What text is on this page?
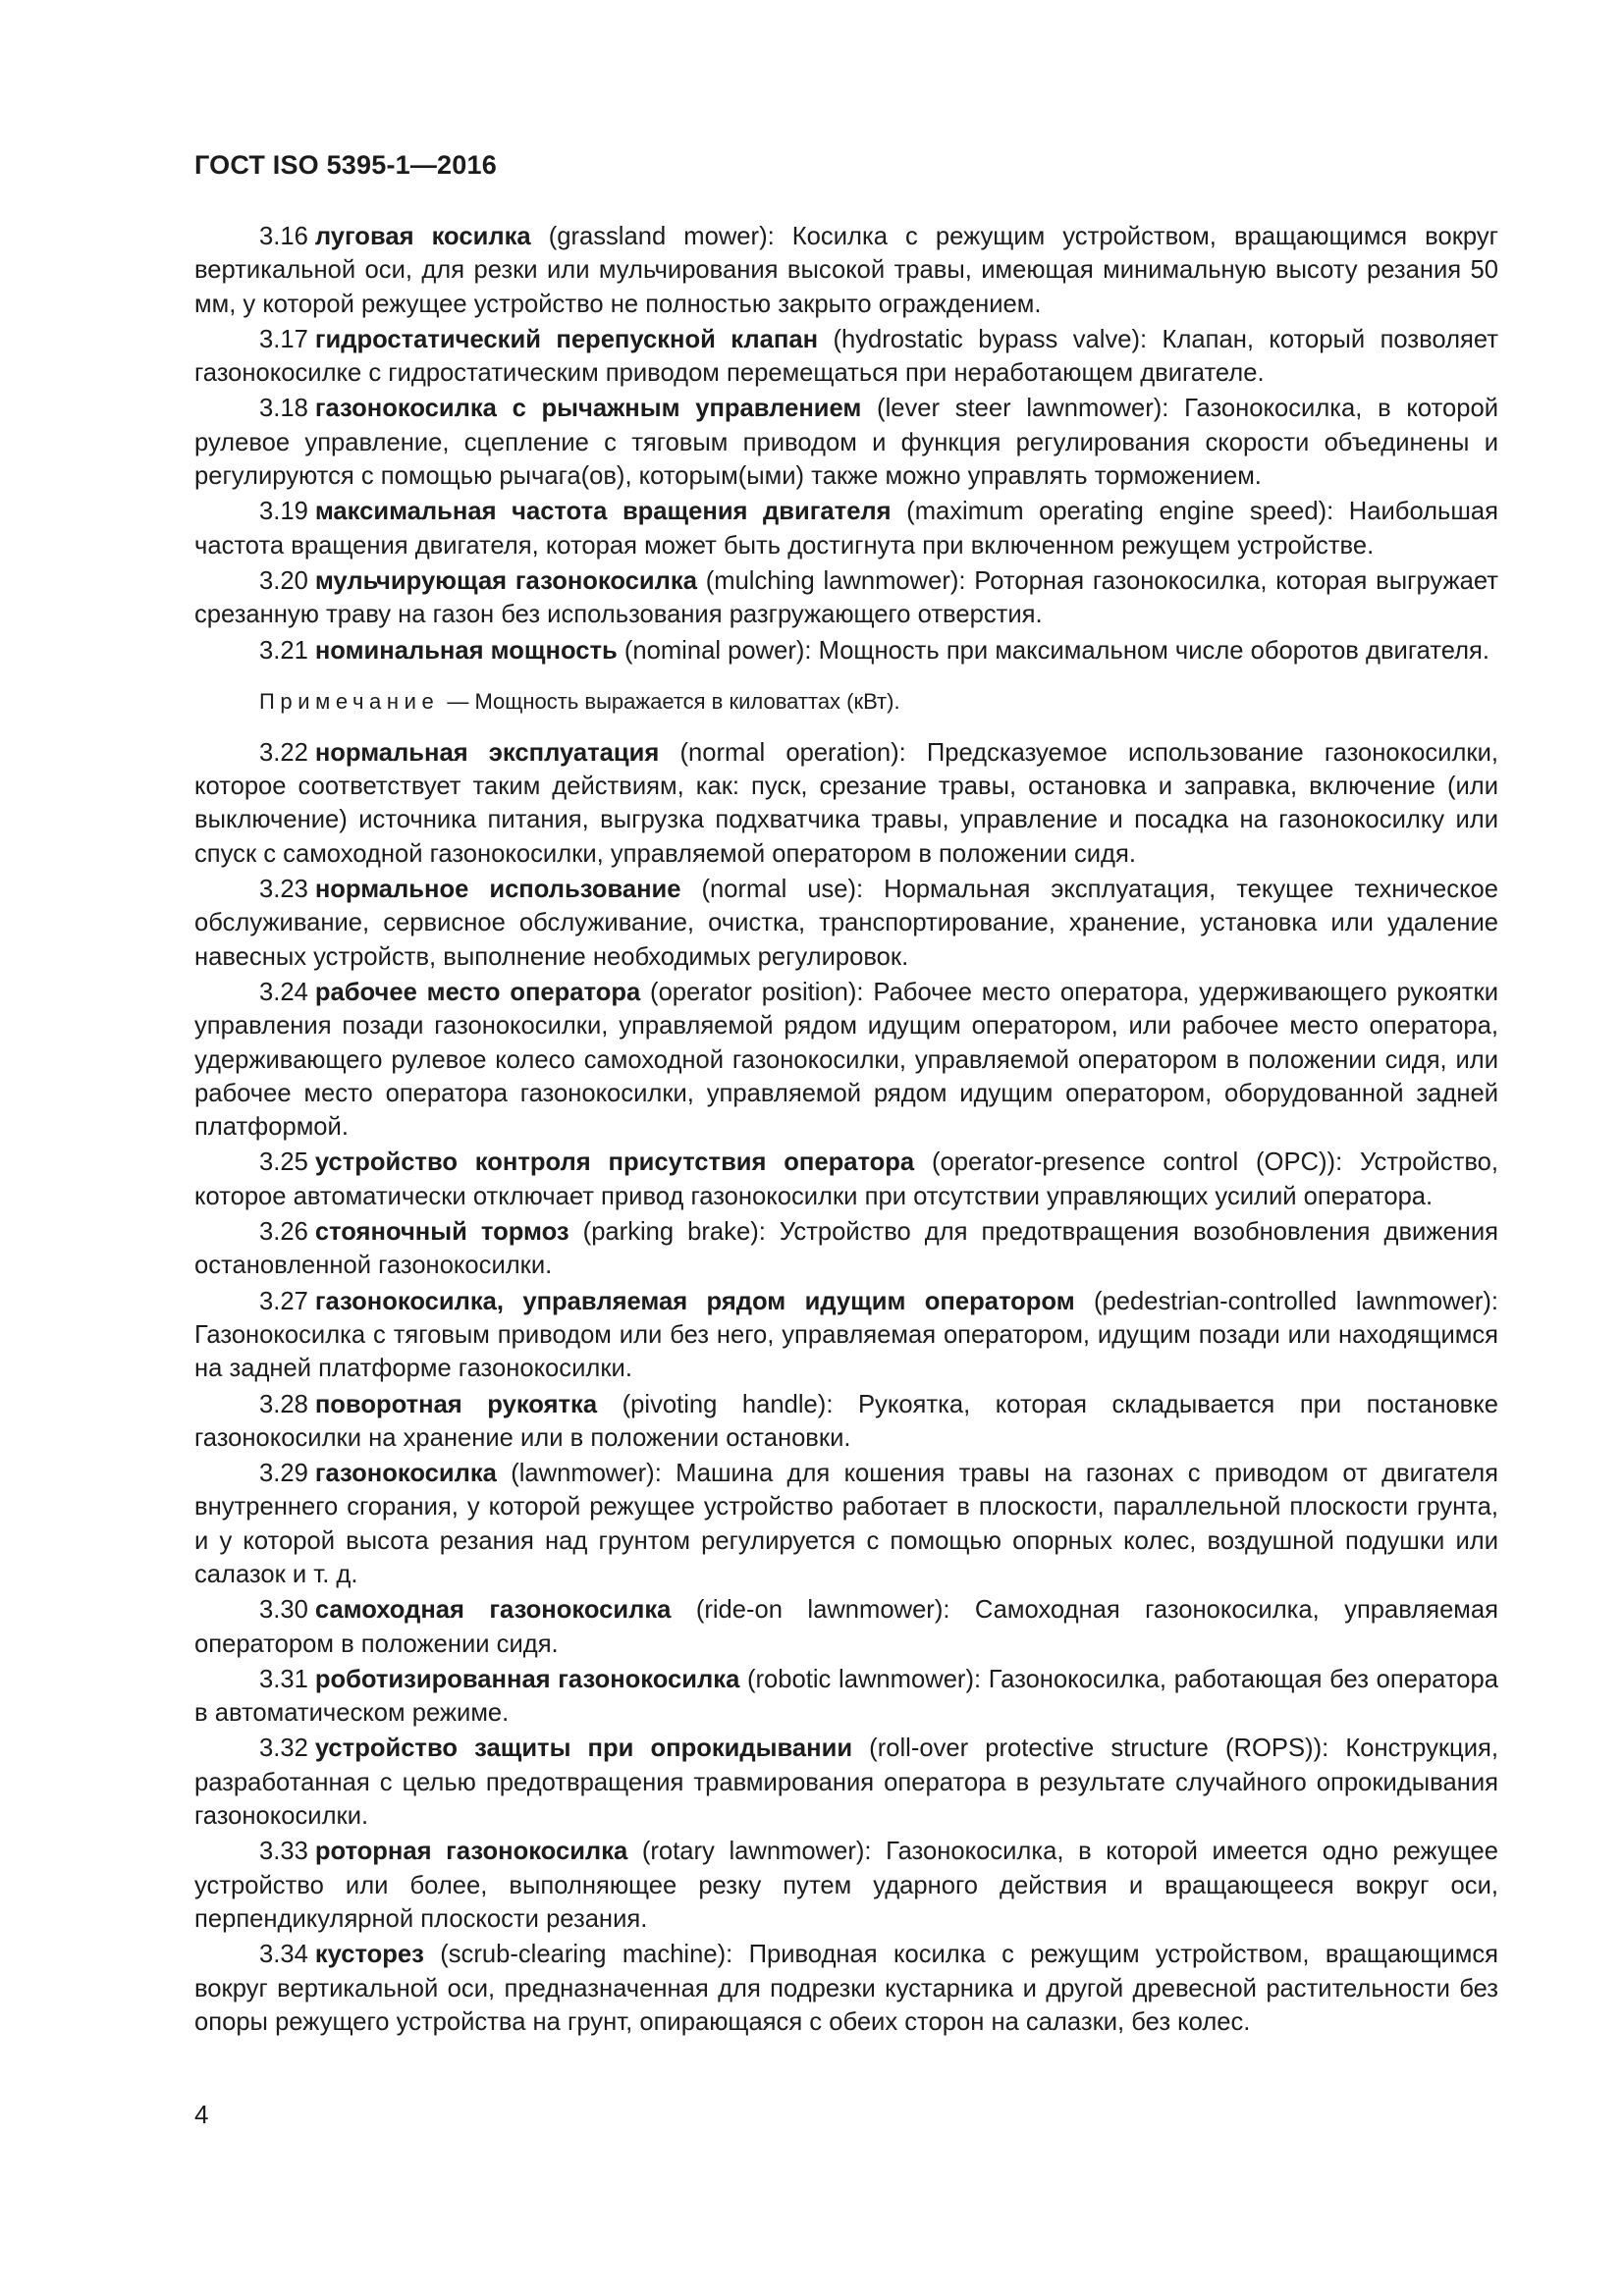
ГОСТ ISO 5395-1—2016

3.16 луговая косилка (grassland mower): Косилка с режущим устройством, вращающимся вокруг вертикальной оси, для резки или мульчирования высокой травы, имеющая минимальную высоту резания 50 мм, у которой режущее устройство не полностью закрыто ограждением.

3.17 гидростатический перепускной клапан (hydrostatic bypass valve): Клапан, который позволяет газонокосилке с гидростатическим приводом перемещаться при неработающем двигателе.

3.18 газонокосилка с рычажным управлением (lever steer lawnmower): Газонокосилка, в которой рулевое управление, сцепление с тяговым приводом и функция регулирования скорости объединены и регулируются с помощью рычага(ов), которым(ыми) также можно управлять торможением.

3.19 максимальная частота вращения двигателя (maximum operating engine speed): Наибольшая частота вращения двигателя, которая может быть достигнута при включенном режущем устройстве.

3.20 мульчирующая газонокосилка (mulching lawnmower): Роторная газонокосилка, которая выгружает срезанную траву на газон без использования разгружающего отверстия.

3.21 номинальная мощность (nominal power): Мощность при максимальном числе оборотов двигателя.

Примечание — Мощность выражается в киловаттах (кВт).

3.22 нормальная эксплуатация (normal operation): Предсказуемое использование газонокосилки, которое соответствует таким действиям, как: пуск, срезание травы, остановка и заправка, включение (или выключение) источника питания, выгрузка подхватчика травы, управление и посадка на газонокосилку или спуск с самоходной газонокосилки, управляемой оператором в положении сидя.

3.23 нормальное использование (normal use): Нормальная эксплуатация, текущее техническое обслуживание, сервисное обслуживание, очистка, транспортирование, хранение, установка или удаление навесных устройств, выполнение необходимых регулировок.

3.24 рабочее место оператора (operator position): Рабочее место оператора, удерживающего рукоятки управления позади газонокосилки, управляемой рядом идущим оператором, или рабочее место оператора, удерживающего рулевое колесо самоходной газонокосилки, управляемой оператором в положении сидя, или рабочее место оператора газонокосилки, управляемой рядом идущим оператором, оборудованной задней платформой.

3.25 устройство контроля присутствия оператора (operator-presence control (OPC)): Устройство, которое автоматически отключает привод газонокосилки при отсутствии управляющих усилий оператора.

3.26 стояночный тормоз (parking brake): Устройство для предотвращения возобновления движения остановленной газонокосилки.

3.27 газонокосилка, управляемая рядом идущим оператором (pedestrian-controlled lawnmower): Газонокосилка с тяговым приводом или без него, управляемая оператором, идущим позади или находящимся на задней платформе газонокосилки.

3.28 поворотная рукоятка (pivoting handle): Рукоятка, которая складывается при постановке газонокосилки на хранение или в положении остановки.

3.29 газонокосилка (lawnmower): Машина для кошения травы на газонах с приводом от двигателя внутреннего сгорания, у которой режущее устройство работает в плоскости, параллельной плоскости грунта, и у которой высота резания над грунтом регулируется с помощью опорных колес, воздушной подушки или салазок и т. д.

3.30 самоходная газонокосилка (ride-on lawnmower): Самоходная газонокосилка, управляемая оператором в положении сидя.

3.31 роботизированная газонокосилка (robotic lawnmower): Газонокосилка, работающая без оператора в автоматическом режиме.

3.32 устройство защиты при опрокидывании (roll-over protective structure (ROPS)): Конструкция, разработанная с целью предотвращения травмирования оператора в результате случайного опрокидывания газонокосилки.

3.33 роторная газонокосилка (rotary lawnmower): Газонокосилка, в которой имеется одно режущее устройство или более, выполняющее резку путем ударного действия и вращающееся вокруг оси, перпендикулярной плоскости резания.

3.34 кусторез (scrub-clearing machine): Приводная косилка с режущим устройством, вращающимся вокруг вертикальной оси, предназначенная для подрезки кустарника и другой древесной растительности без опоры режущего устройства на грунт, опирающаяся с обеих сторон на салазки, без колес.

4
